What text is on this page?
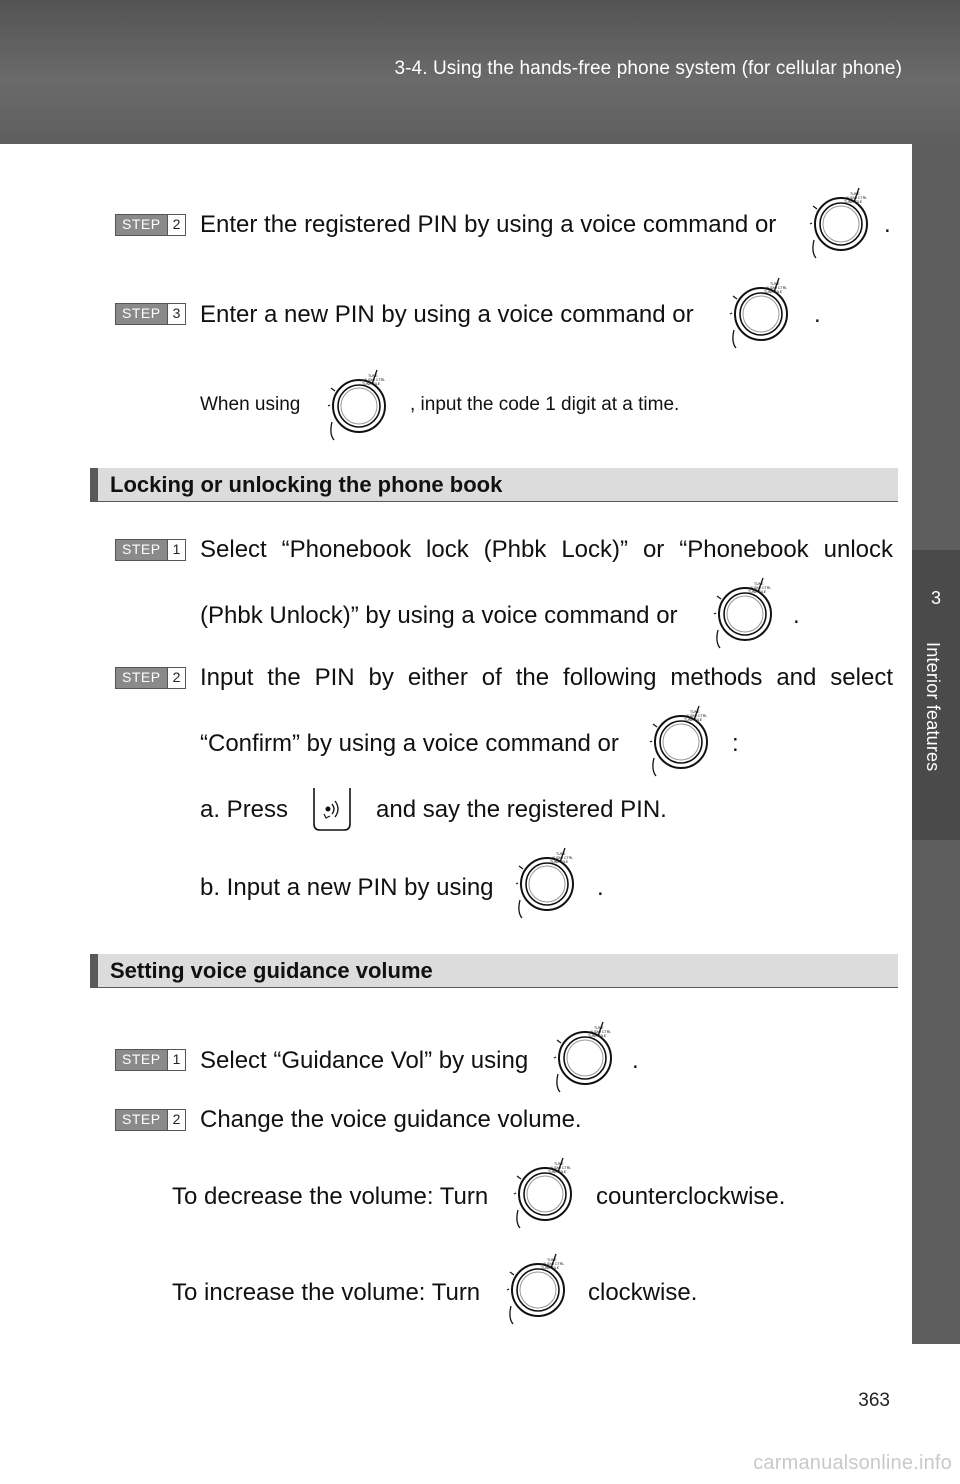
3-4. Using the hands-free phone system (for cellular phone)
3
Interior features
STEP 2 Enter the registered PIN by using a voice command or	.
STEP 3 Enter a new PIN by using a voice command or	.
When using	, input the code 1 digit at a time.
Locking or unlocking the phone book
STEP 1 Select “Phonebook lock (Phbk Lock)” or “Phonebook unlock
(Phbk Unlock)” by using a voice command or	.
STEP 2 Input the PIN by either of the following methods and select
“Confirm” by using a voice command or	:
a. Press	and say the registered PIN.
b. Input a new PIN by using	.
Setting voice guidance volume
STEP 1 Select “Guidance Vol” by using	.
STEP 2 Change the voice guidance volume.
To decrease the volume: Turn	counterclockwise.
To increase the volume: Turn	clockwise.
363
carmanualsonline.info
